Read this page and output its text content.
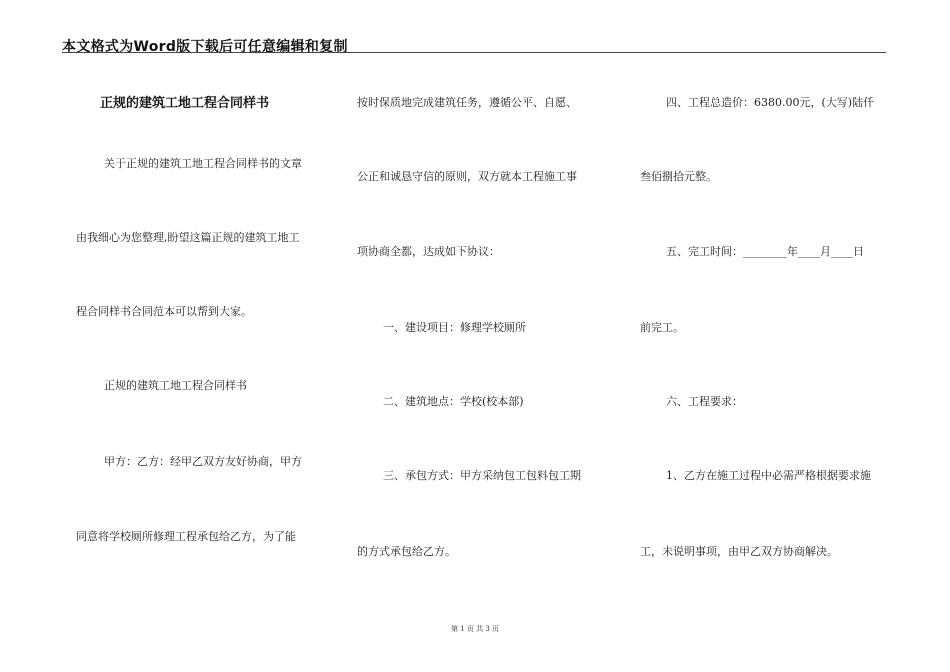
本文格式为Word版下载后可任意编辑和复制
正规的建筑工地工程合同样书
关于正规的建筑工地工程合同样书的文章
由我细心为您整理,盼望这篇正规的建筑工地工
程合同样书合同范本可以帮到大家。
正规的建筑工地工程合同样书
甲方：乙方：经甲乙双方友好协商，甲方
同意将学校厕所修理工程承包给乙方，为了能
按时保质地完成建筑任务，遵循公平、自愿、
公正和诚恳守信的原则，双方就本工程施工事
项协商全都，达成如下协议：
一、建设项目：修理学校厕所
二、建筑地点：学校(校本部)
三、承包方式：甲方采纳包工包料包工期
的方式承包给乙方。
四、工程总造价：6380.00元，(大写)陆仟
叁佰捌拾元整。
五、完工时间：________年____月____日
前完工。
六、工程要求：
1、乙方在施工过程中必需严格根据要求施
工，未说明事项，由甲乙双方协商解决。
第 1 页 共 3 页
